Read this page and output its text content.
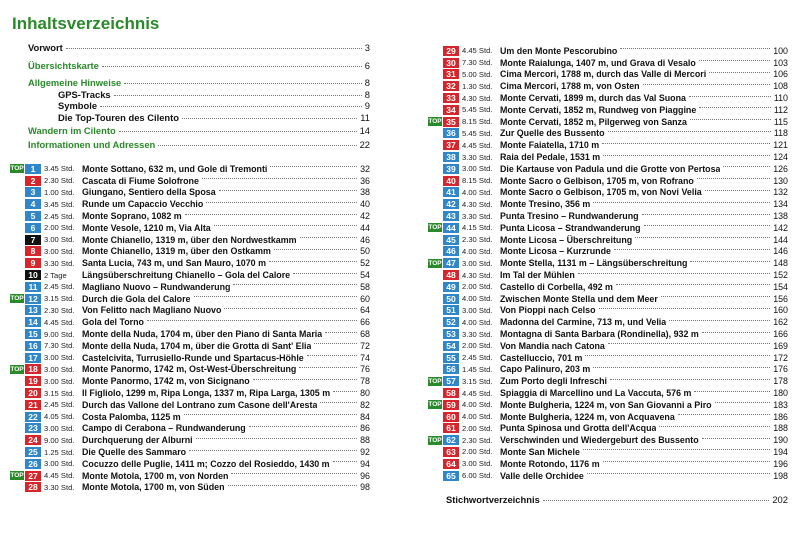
Inhaltsverzeichnis
Vorwort	3
Übersichtskarte	6
Allgemeine Hinweise	8
GPS-Tracks	8
Symbole	9
Die Top-Touren des Cilento	11
Wandern im Cilento	14
Informationen und Adressen	22
TOP 1	3.45 Std. Monte Sottano, 632 m, und Gole di Tremonti	32
2	2.30 Std. Cascata di Fiume Solofrone	36
3	1.00 Std. Giungano, Sentiero della Sposa	38
4	3.45 Std. Runde um Capaccio Vecchio	40
5	2.45 Std. Monte Soprano, 1082 m	42
6	2.00 Std. Monte Vesole, 1210 m, Via Alta	44
7	3.00 Std. Monte Chianello, 1319 m, über den Nordwestkamm	46
8	3.00 Std. Monte Chianello, 1319 m, über den Ostkamm	50
9	3.30 Std. Santa Lucia, 743 m, und San Mauro, 1070 m	52
10 2 Tage	Längsüberschreitung Chianello – Gola del Calore	54
11 2.45 Std. Magliano Nuovo – Rundwanderung	58
TOP 12 3.15 Std. Durch die Gola del Calore	60
13 2.30 Std. Von Felitto nach Magliano Nuovo	64
14 4.45 Std. Gola del Torno	66
15 9.00 Std. Monte della Nuda, 1704 m, über den Piano di Santa Maria	68
16 7.30 Std. Monte della Nuda, 1704 m, über die Grotta di Sant' Elia	72
17 3.00 Std. Castelcivita, Turrusiello-Runde und Spartacus-Höhle	74
TOP 18 3.00 Std. Monte Panormo, 1742 m, Ost-West-Überschreitung	76
19 3.00 Std. Monte Panormo, 1742 m, von Sicignano	78
20 3.15 Std. Il Figliolo, 1299 m, Ripa Longa, 1337 m, Ripa Larga, 1305 m	80
21 2.45 Std. Durch das Vallone del Lontrano zum Casone dell'Aresta	82
22 4.05 Std. Costa Palomba, 1125 m	84
23 3.00 Std. Campo di Cerabona – Rundwanderung	86
24 9.00 Std. Durchquerung der Alburni	88
25 1.25 Std. Die Quelle des Sammaro	92
26 3.00 Std. Cocuzzo delle Puglie, 1411 m; Cozzo del Rosieddo, 1430 m	94
TOP 27 4.45 Std. Monte Motola, 1700 m, von Norden	96
28 3.30 Std. Monte Motola, 1700 m, von Süden	98
29 4.45 Std. Um den Monte Pescorubino	100
30 7.30 Std. Monte Raialunga, 1407 m, und Grava di Vesalo	103
31 5.00 Std. Cima Mercori, 1788 m, durch das Valle di Mercori	106
32 1.30 Std. Cima Mercori, 1788 m, von Osten	108
33 4.30 Std. Monte Cervati, 1899 m, durch das Val Suona	110
34 5.45 Std. Monte Cervati, 1852 m, Rundweg von Piaggine	112
TOP 35 8.15 Std. Monte Cervati, 1852 m, Pilgerweg von Sanza	115
36 5.45 Std. Zur Quelle des Bussento	118
37 4.45 Std. Monte Faiatella, 1710 m	121
38 3.30 Std. Raia del Pedale, 1531 m	124
39 3.00 Std. Die Kartause von Padula und die Grotte von Pertosa	126
40 8.15 Std. Monte Sacro o Gelbison, 1705 m, von Rofrano	130
41 4.00 Std. Monte Sacro o Gelbison, 1705 m, von Novi Velia	132
42 4.30 Std. Monte Tresino, 356 m	134
43 3.30 Std. Punta Tresino – Rundwanderung	138
TOP 44 4.15 Std. Punta Licosa – Strandwanderung	142
45 2.30 Std. Monte Licosa – Überschreitung	144
46 4.00 Std. Monte Licosa – Kurzrunde	146
TOP 47 3.00 Std. Monte Stella, 1131 m – Längsüberschreitung	148
48 4.30 Std. Im Tal der Mühlen	152
49 2.00 Std. Castello di Corbella, 492 m	154
50 4.00 Std. Zwischen Monte Stella und dem Meer	156
51 3.00 Std. Von Pioppi nach Celso	160
52 4.00 Std. Madonna del Carmine, 713 m, und Velia	162
53 3.30 Std. Montagna di Santa Barbara (Rondinella), 932 m	166
54 2.00 Std. Von Mandia nach Catona	169
55 2.45 Std. Castelluccio, 701 m	172
56 1.45 Std. Capo Palinuro, 203 m	176
TOP 57 3.15 Std. Zum Porto degli Infreschi	178
58 4.45 Std. Spiaggia di Marcellino und La Vaccuta, 576 m	180
TOP 59 4.00 Std. Monte Bulgheria, 1224 m, von San Giovanni a Piro	183
60 4.00 Std. Monte Bulgheria, 1224 m, von Acquavena	186
61 2.00 Std. Punta Spinosa und Grotta dell'Acqua	188
TOP 62 2.30 Std. Verschwinden und Wiedergeburt des Bussento	190
63 2.00 Std. Monte San Michele	194
64 3.00 Std. Monte Rotondo, 1176 m	196
65 6.00 Std. Valle delle Orchidee	198
Stichwortverzeichnis	202
